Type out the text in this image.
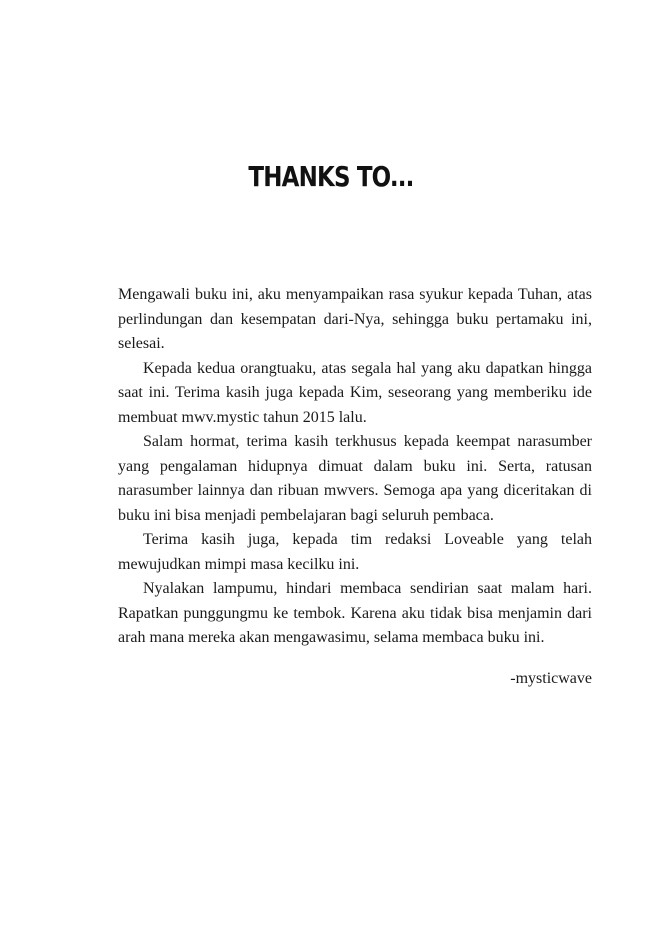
THANKS TO...

Mengawali buku ini, aku menyampaikan rasa syukur kepada Tuhan, atas perlindungan dan kesempatan dari-Nya, sehingga buku pertamaku ini, selesai.

Kepada kedua orangtuaku, atas segala hal yang aku dapatkan hingga saat ini. Terima kasih juga kepada Kim, seseorang yang memberiku ide membuat mwv.mystic tahun 2015 lalu.

Salam hormat, terima kasih terkhusus kepada keempat narasumber yang pengalaman hidupnya dimuat dalam buku ini. Serta, ratusan narasumber lainnya dan ribuan mwvers. Semoga apa yang diceritakan di buku ini bisa menjadi pembelajaran bagi seluruh pembaca.

Terima kasih juga, kepada tim redaksi Loveable yang telah mewujudkan mimpi masa kecilku ini.

Nyalakan lampumu, hindari membaca sendirian saat malam hari. Rapatkan punggungmu ke tembok. Karena aku tidak bisa menjamin dari arah mana mereka akan mengawasimu, selama membaca buku ini.

-mysticwave
